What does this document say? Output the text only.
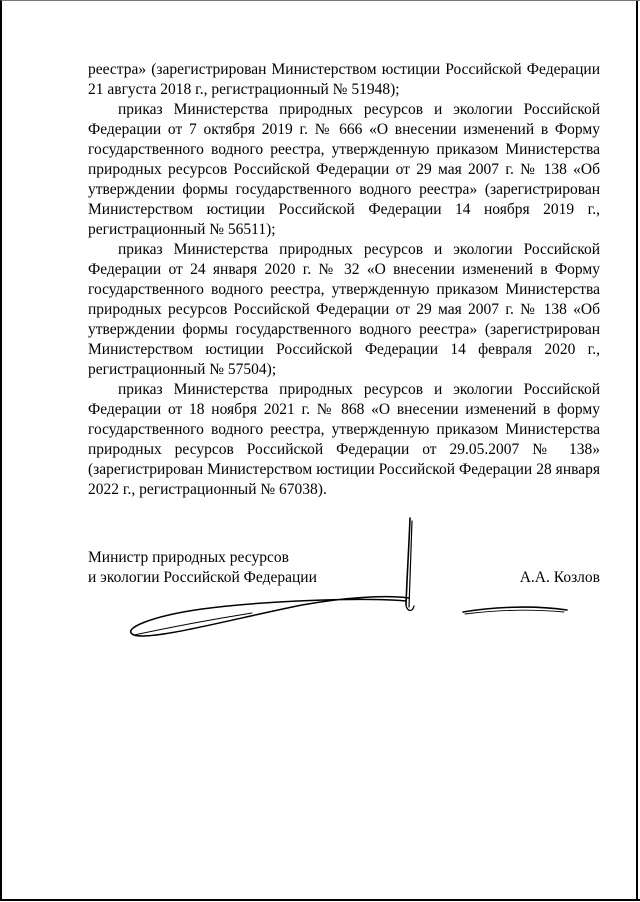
реестра» (зарегистрирован Министерством юстиции Российской Федерации 21 августа 2018 г., регистрационный № 51948);

приказ Министерства природных ресурсов и экологии Российской Федерации от 7 октября 2019 г. № 666 «О внесении изменений в Форму государственного водного реестра, утвержденную приказом Министерства природных ресурсов Российской Федерации от 29 мая 2007 г. № 138 «Об утверждении формы государственного водного реестра» (зарегистрирован Министерством юстиции Российской Федерации 14 ноября 2019 г., регистрационный № 56511);

приказ Министерства природных ресурсов и экологии Российской Федерации от 24 января 2020 г. № 32 «О внесении изменений в Форму государственного водного реестра, утвержденную приказом Министерства природных ресурсов Российской Федерации от 29 мая 2007 г. № 138 «Об утверждении формы государственного водного реестра» (зарегистрирован Министерством юстиции Российской Федерации 14 февраля 2020 г., регистрационный № 57504);

приказ Министерства природных ресурсов и экологии Российской Федерации от 18 ноября 2021 г. № 868 «О внесении изменений в форму государственного водного реестра, утвержденную приказом Министерства природных ресурсов Российской Федерации от 29.05.2007 № 138» (зарегистрирован Министерством юстиции Российской Федерации 28 января 2022 г., регистрационный № 67038).

Министр природных ресурсов

и экологии Российской Федерации	А.А. Козлов
